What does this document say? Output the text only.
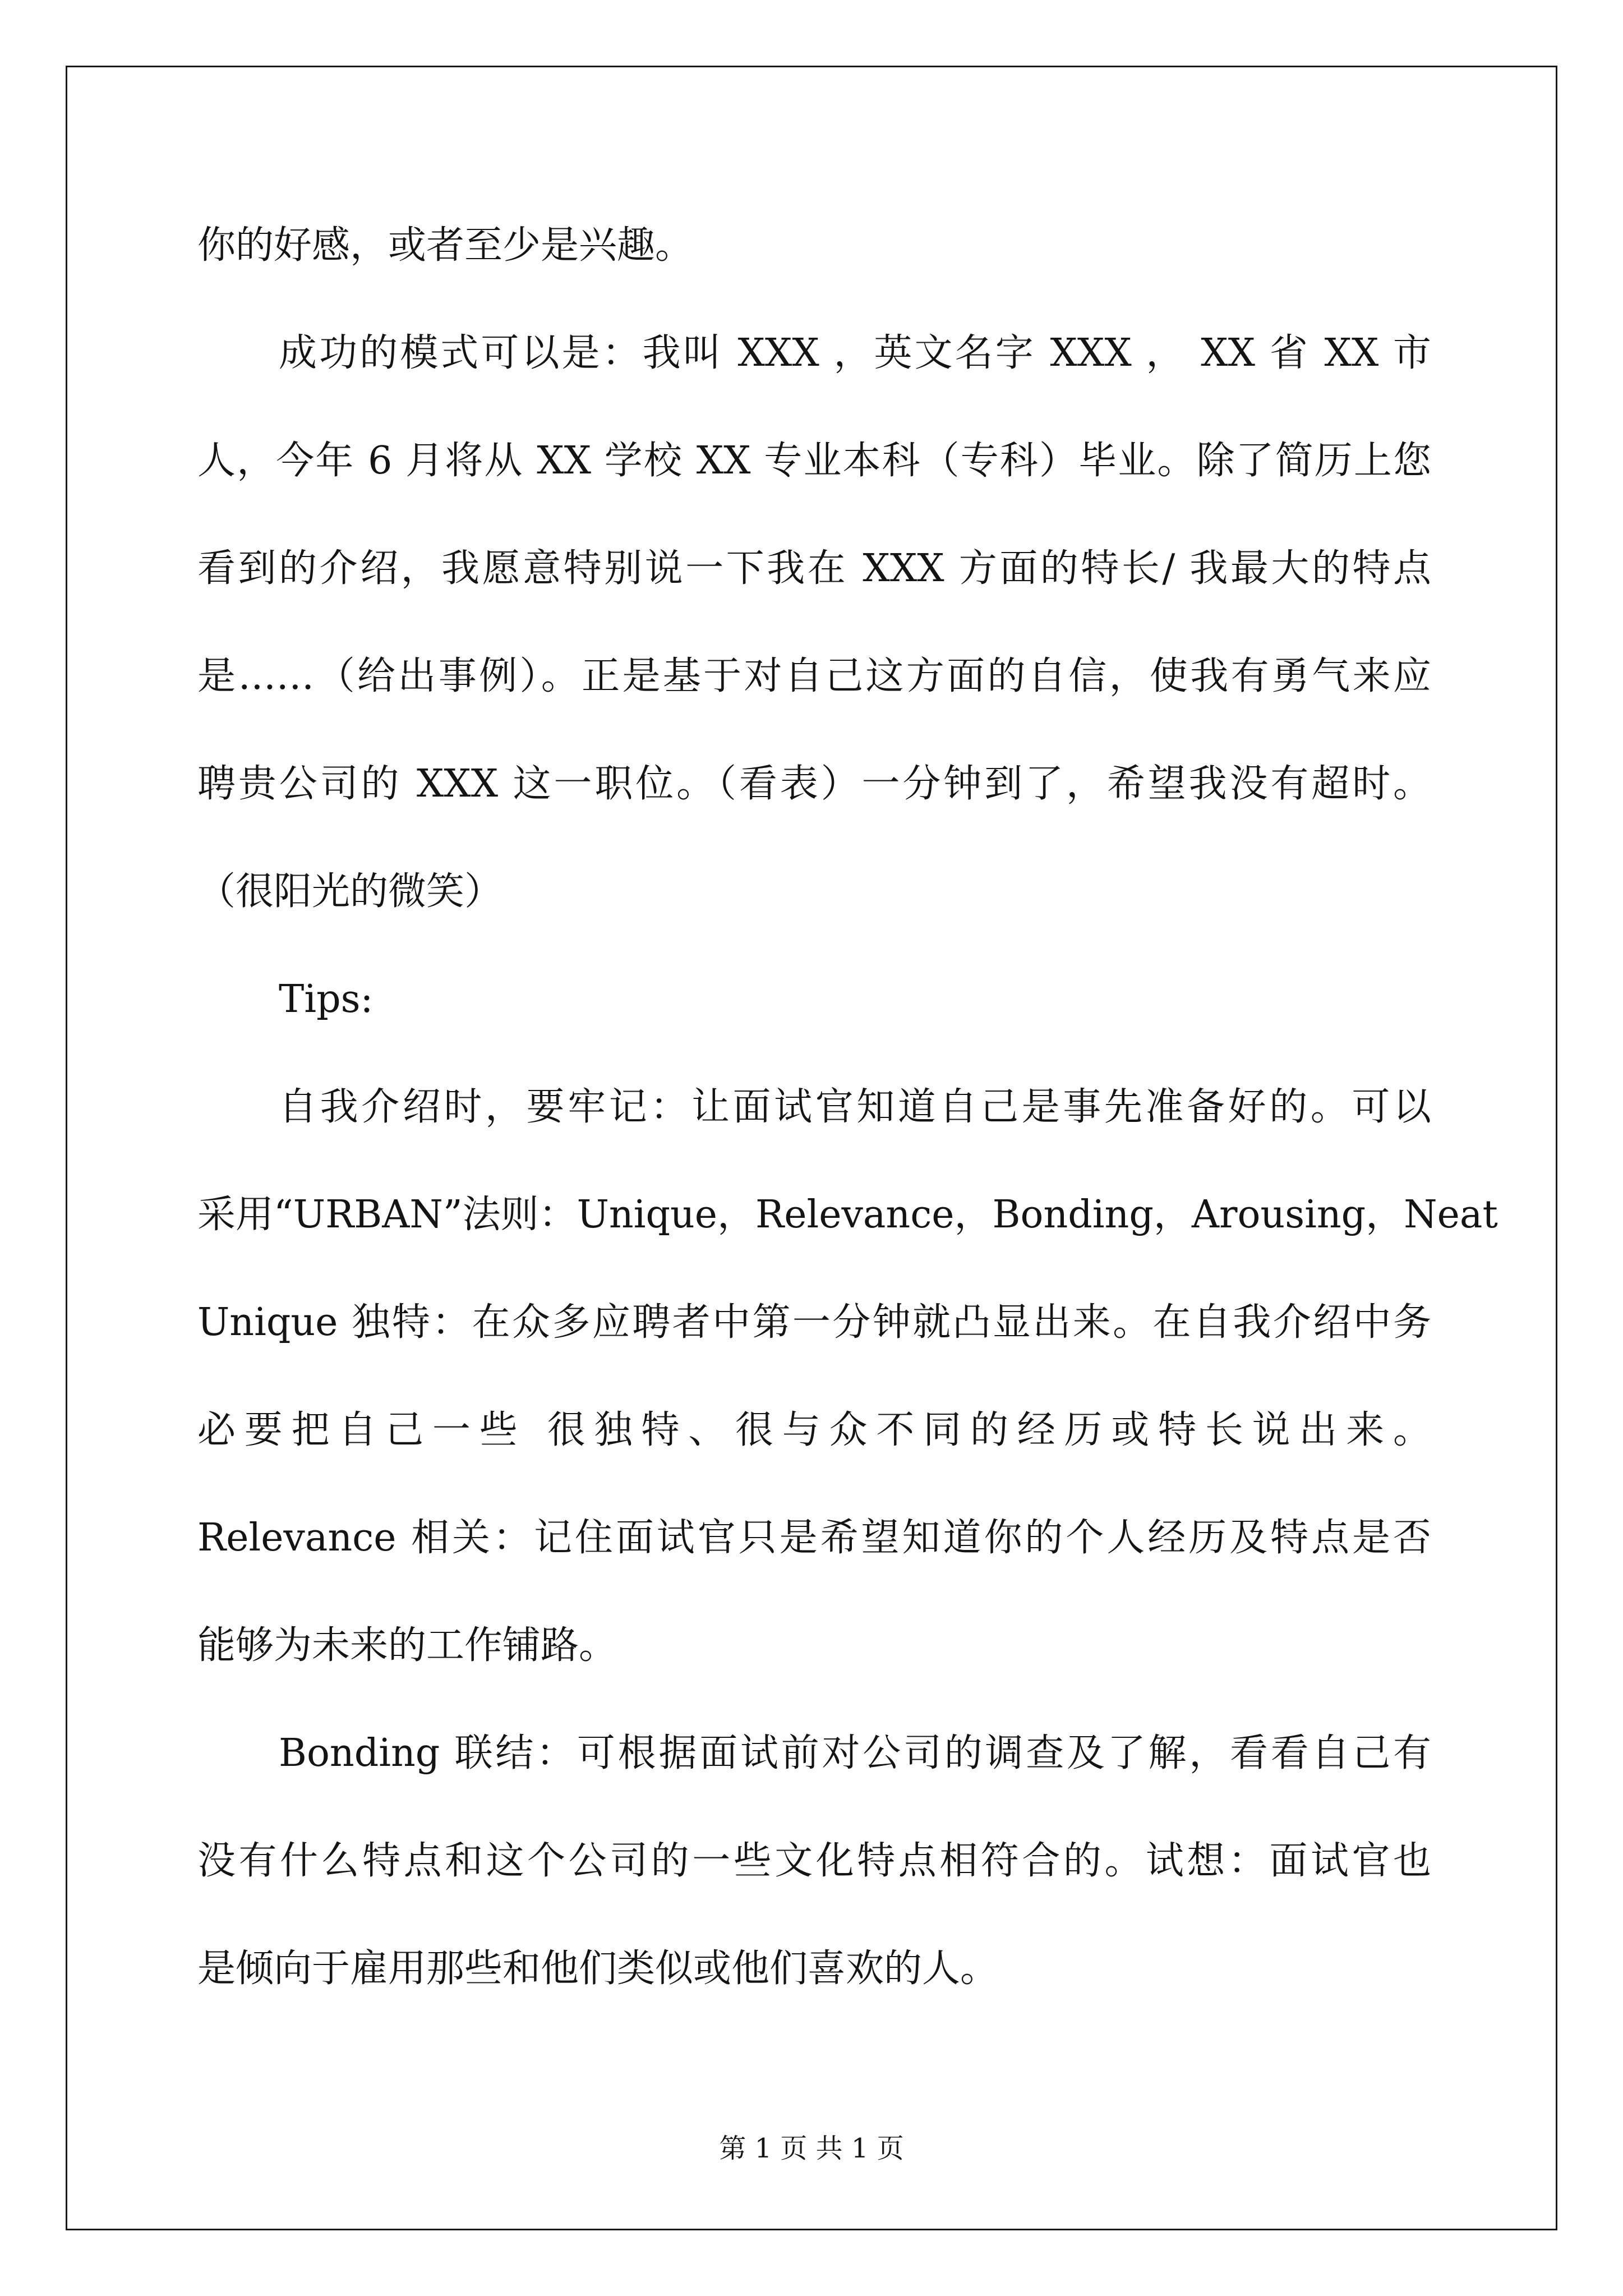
你的好感，或者至少是兴趣。

成功的模式可以是：我叫 XXX ，英文名字 XXX ， XX 省 XX 市

人，今年 6 月将从 XX 学校 XX 专业本科（专科）毕业。除了简历上您

看到的介绍，我愿意特别说一下我在 XXX 方面的特长/ 我最大的特点

是……（给出事例）。正是基于对自己这方面的自信，使我有勇气来应

聘贵公司的 XXX 这一职位。（看表）一分钟到了，希望我没有超时。

（很阳光的微笑）

Tips:

自我介绍时，要牢记：让面试官知道自己是事先准备好的。可以

采用“URBAN”法则：Unique，Relevance，Bonding，Arousing，Neat

Unique 独特：在众多应聘者中第一分钟就凸显出来。在自我介绍中务

必要把自己一些 很独特、很与众不同的经历或特长说出来。

Relevance 相关：记住面试官只是希望知道你的个人经历及特点是否

能够为未来的工作铺路。

Bonding 联结：可根据面试前对公司的调查及了解，看看自己有

没有什么特点和这个公司的一些文化特点相符合的。试想：面试官也

是倾向于雇用那些和他们类似或他们喜欢的人。

第 1 页 共 1 页
